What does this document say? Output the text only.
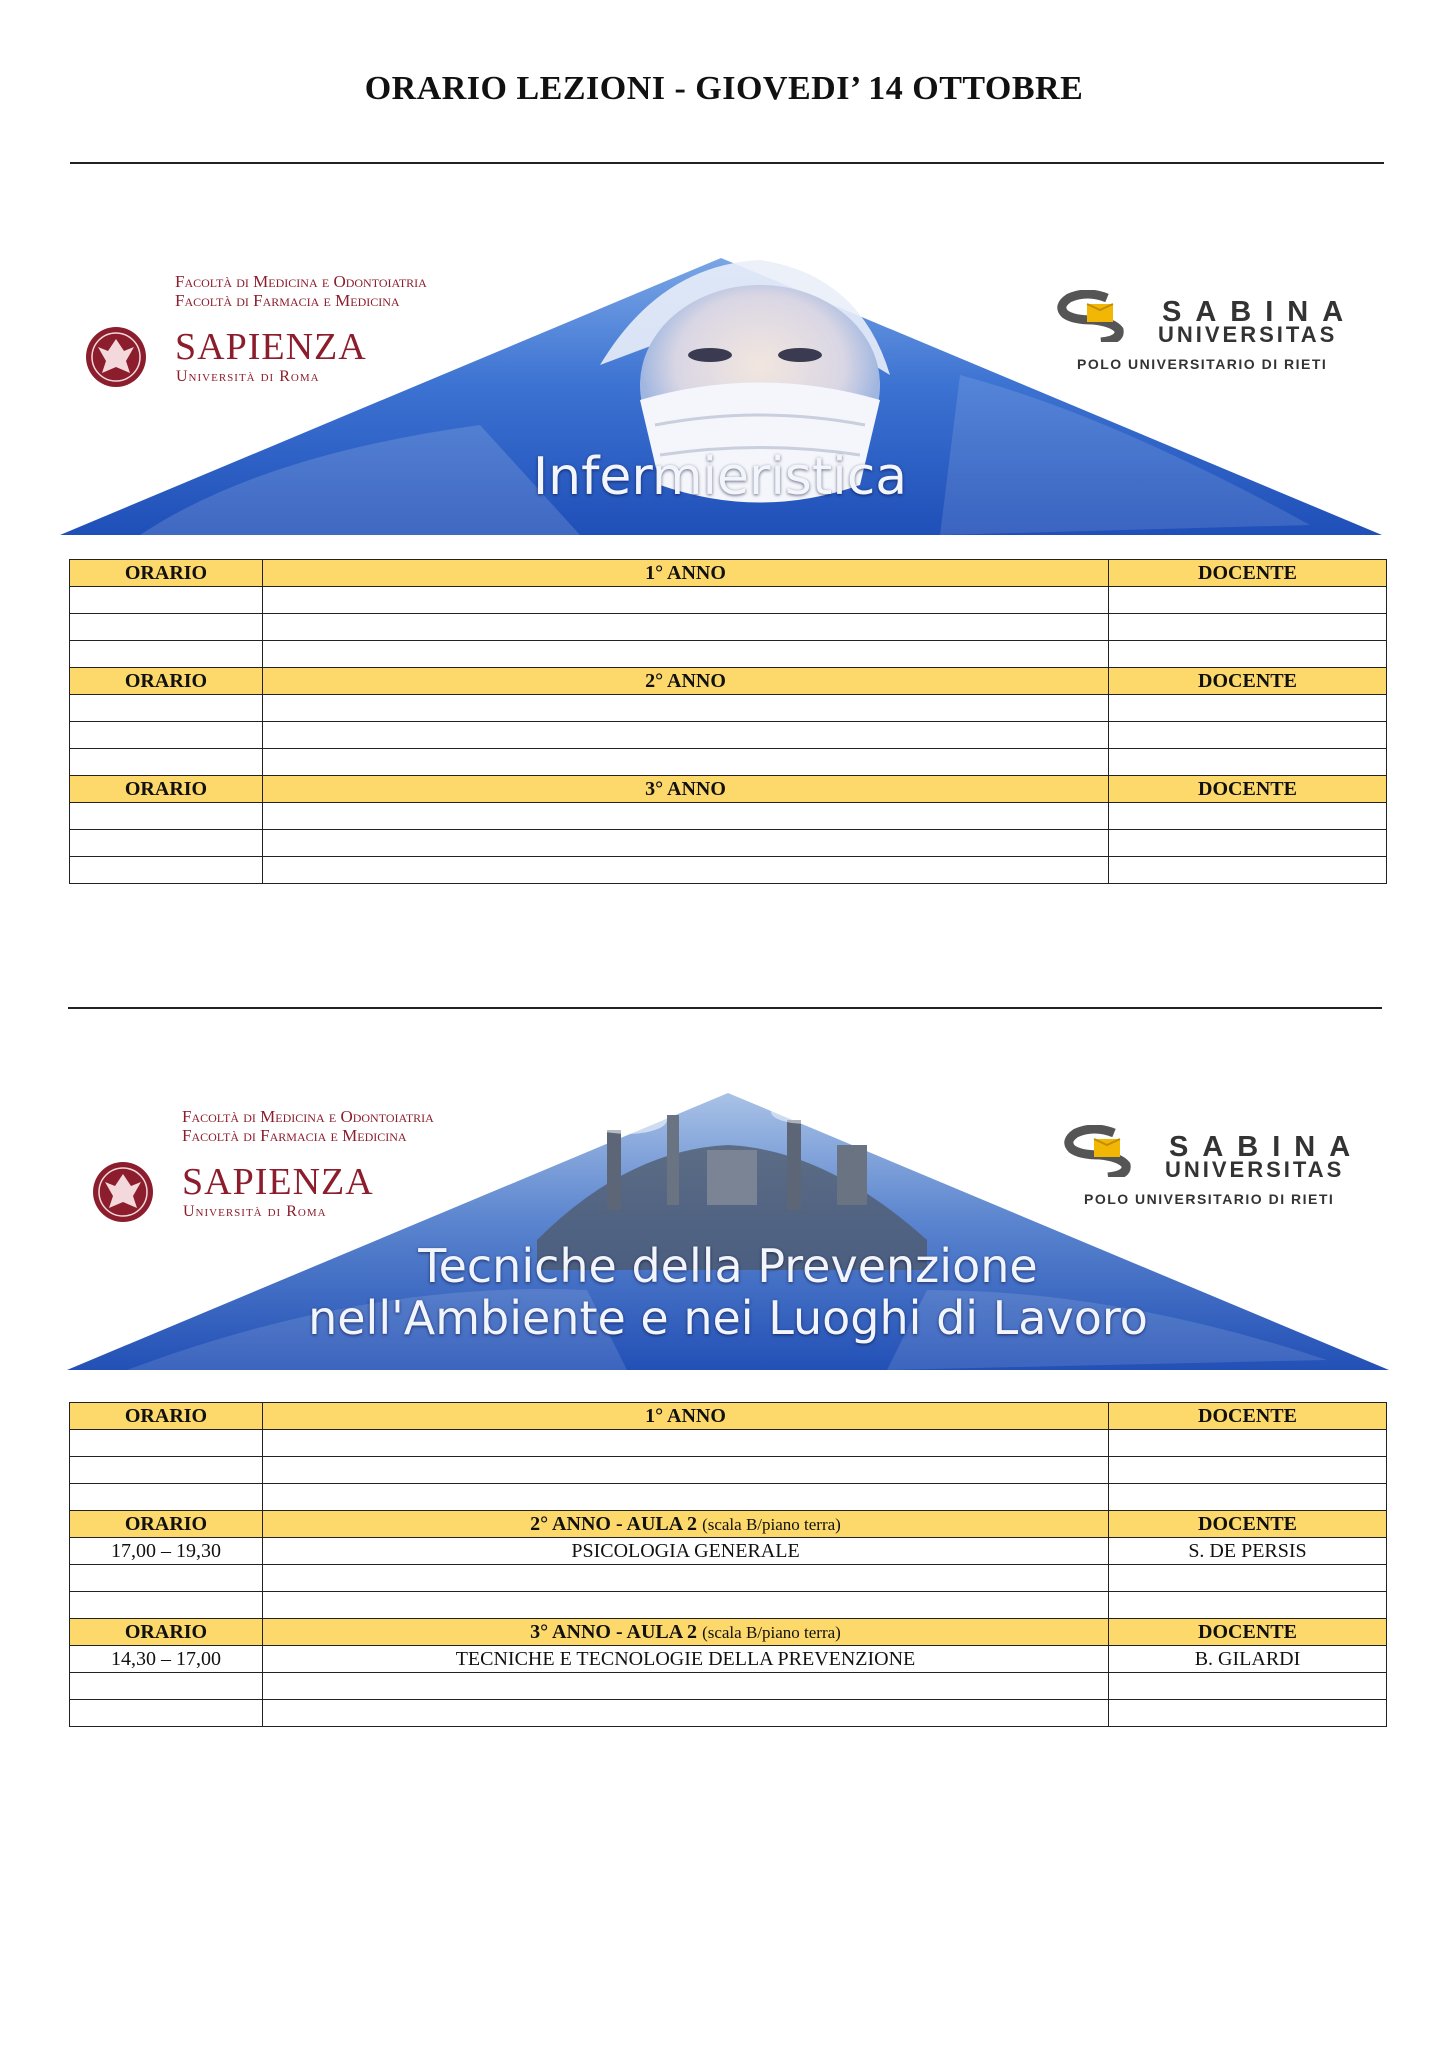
ORARIO LEZIONI - GIOVEDI’ 14 OTTOBRE
Facoltà di Medicina e Odontoiatria
Facoltà di Farmacia e Medicina
SAPIENZA
Università di Roma
SABINA
UNIVERSITAS
POLO UNIVERSITARIO DI RIETI
Infermieristica
ORARIO	1° ANNO	DOCENTE

ORARIO	2° ANNO	DOCENTE

ORARIO	3° ANNO	DOCENTE

Facoltà di Medicina e Odontoiatria
Facoltà di Farmacia e Medicina
SAPIENZA
Università di Roma
SABINA
UNIVERSITAS
POLO UNIVERSITARIO DI RIETI
Tecniche della Prevenzione
nell'Ambiente e nei Luoghi di Lavoro
ORARIO	1° ANNO	DOCENTE

ORARIO	2° ANNO - AULA 2 (scala B/piano terra)	DOCENTE
17,00 – 19,30	PSICOLOGIA GENERALE	S. DE PERSIS

ORARIO	3° ANNO - AULA 2 (scala B/piano terra)	DOCENTE
14,30 – 17,00	TECNICHE E TECNOLOGIE DELLA PREVENZIONE	B. GILARDI
